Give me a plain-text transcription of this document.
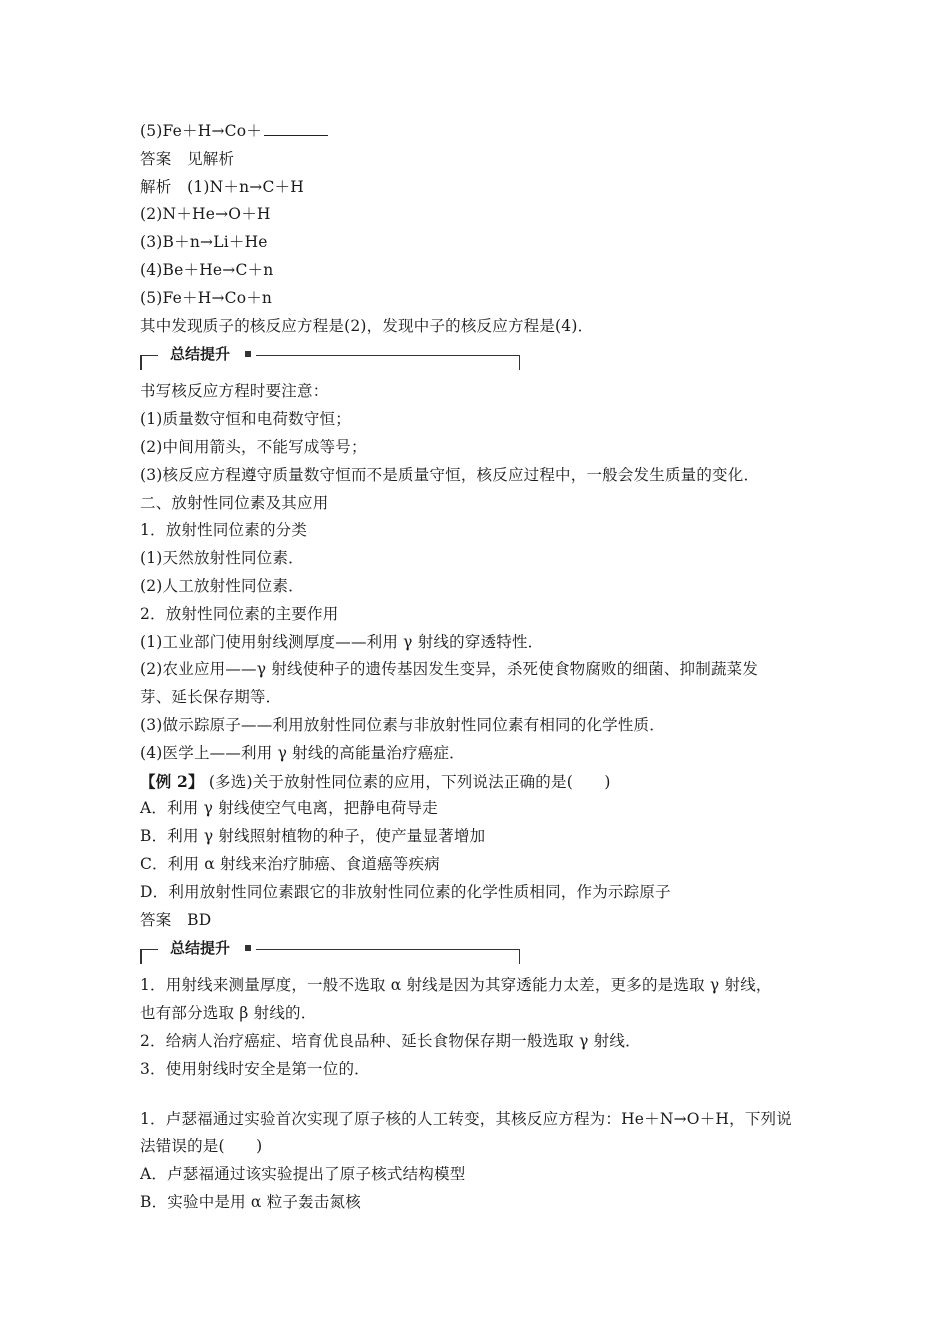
(5)Fe＋H→Co＋
答案　见解析
解析　(1)N＋n→C＋H
(2)N＋He→O＋H
(3)B＋n→Li＋He
(4)Be＋He→C＋n
(5)Fe＋H→Co＋n
其中发现质子的核反应方程是(2)，发现中子的核反应方程是(4)．
总结提升
书写核反应方程时要注意：
(1)质量数守恒和电荷数守恒；
(2)中间用箭头，不能写成等号；
(3)核反应方程遵守质量数守恒而不是质量守恒，核反应过程中，一般会发生质量的变化．
二、放射性同位素及其应用
1．放射性同位素的分类
(1)天然放射性同位素．
(2)人工放射性同位素．
2．放射性同位素的主要作用
(1)工业部门使用射线测厚度——利用 γ 射线的穿透特性．
(2)农业应用——γ 射线使种子的遗传基因发生变异，杀死使食物腐败的细菌、抑制蔬菜发
芽、延长保存期等．
(3)做示踪原子——利用放射性同位素与非放射性同位素有相同的化学性质．
(4)医学上——利用 γ 射线的高能量治疗癌症．
【例 2】 (多选)关于放射性同位素的应用，下列说法正确的是(　　)
A．利用 γ 射线使空气电离，把静电荷导走
B．利用 γ 射线照射植物的种子，使产量显著增加
C．利用 α 射线来治疗肺癌、食道癌等疾病
D．利用放射性同位素跟它的非放射性同位素的化学性质相同，作为示踪原子
答案　BD
总结提升
1．用射线来测量厚度，一般不选取 α 射线是因为其穿透能力太差，更多的是选取 γ 射线，
也有部分选取 β 射线的．
2．给病人治疗癌症、培育优良品种、延长食物保存期一般选取 γ 射线．
3．使用射线时安全是第一位的．
1．卢瑟福通过实验首次实现了原子核的人工转变，其核反应方程为：He＋N→O＋H，下列说
法错误的是(　　)
A．卢瑟福通过该实验提出了原子核式结构模型
B．实验中是用 α 粒子轰击氮核
